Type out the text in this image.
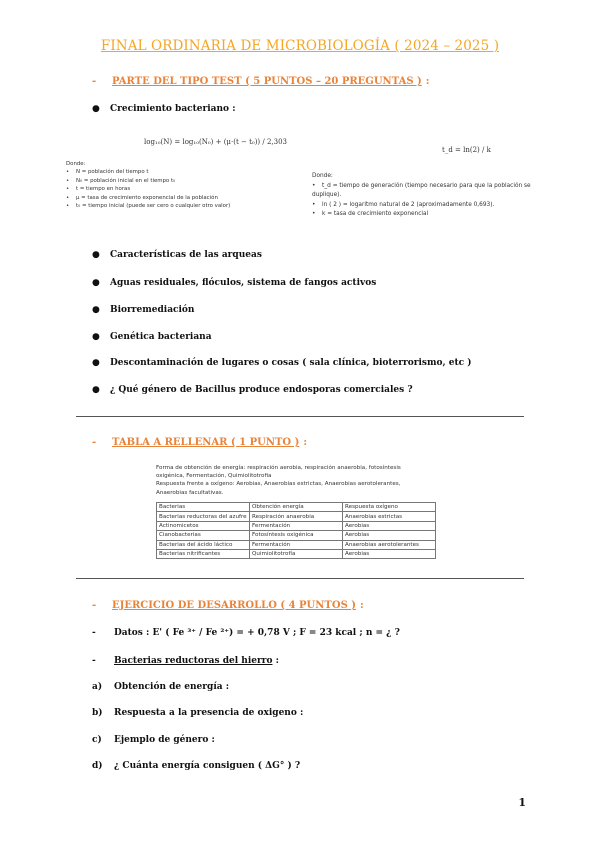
FINAL ORDINARIA DE MICROBIOLOGÍA ( 2024 – 2025 )
- PARTE DEL TIPO TEST ( 5 PUNTOS – 20 PREGUNTAS ) :
● Crecimiento bacteriano :
log₁₀(N) = log₁₀(N₀) + (μ·(t − t₀)) / 2,303
t_d = ln(2) / k
Donde:
• N = población del tiempo t
• N₀ = población inicial en el tiempo t₀
• t = tiempo en horas
• μ = tasa de crecimiento exponencial de la población
• t₀ = tiempo inicial (puede ser cero o cualquier otro valor)
Donde:
• t_d = tiempo de generación (tiempo necesario para que la población se duplique).
• ln ( 2 ) = logaritmo natural de 2 (aproximadamente 0,693).
• k = tasa de crecimiento exponencial
● Características de las arqueas
● Aguas residuales, flóculos, sistema de fangos activos
● Biorremediación
● Genética bacteriana
● Descontaminación de lugares o cosas ( sala clínica, bioterrorismo, etc )
● ¿ Qué género de Bacillus produce endosporas comerciales ?
- TABLA A RELLENAR ( 1 PUNTO ) :
Forma de obtención de energía: respiración aerobia, respiración anaerobia, fotosíntesis
oxigénica, Fermentación, Quimiolitotrofia
Respuesta frente a oxígeno: Aerobias, Anaerobias estrictas, Anaerobias aerotolerantes,
Anaerobias facultativas.
Bacterias	Obtención energía	Respuesta oxígeno
Bacterias reductoras del azufre	Respiración anaerobia	Anaerobias estrictas
Actinomicetos	Fermentación	Aerobias
Cianobacterias	Fotosíntesis oxigénica	Aerobias
Bacterias del ácido láctico	Fermentación	Anaerobias aerotolerantes
Bacterias nitrificantes	Quimiolitotrofía	Aerobias
- EJERCICIO DE DESARROLLO ( 4 PUNTOS ) :
- Datos : E' ( Fe ³⁺ / Fe ²⁺) = + 0,78 V ; F = 23 kcal ; n = ¿ ?
- Bacterias reductoras del hierro :
a) Obtención de energía :
b) Respuesta a la presencia de oxigeno :
c) Ejemplo de género :
d) ¿ Cuánta energía consiguen ( ΔG° ) ?
1
